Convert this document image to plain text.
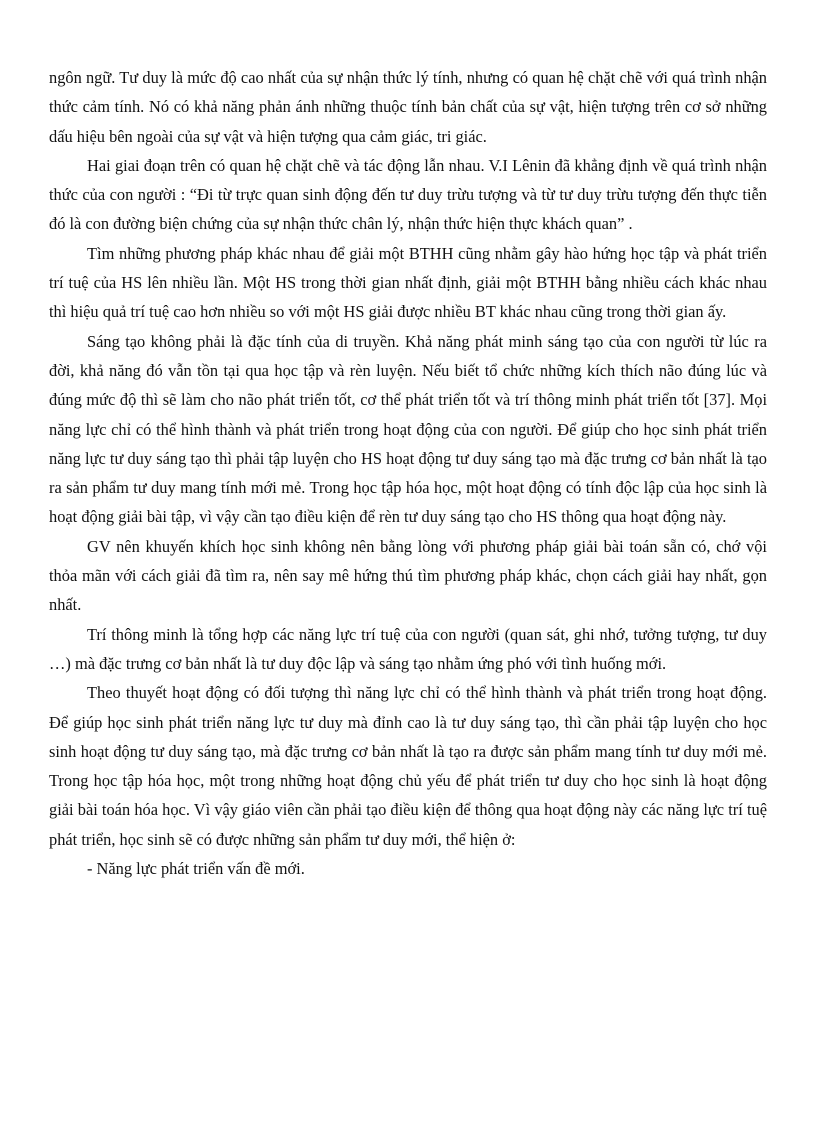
ngôn ngữ. Tư duy là mức độ cao nhất của sự nhận thức lý tính, nhưng có quan hệ chặt chẽ với quá trình nhận thức cảm tính. Nó có khả năng phản ánh những thuộc tính bản chất của sự vật, hiện tượng trên cơ sở những dấu hiệu bên ngoài của sự vật và hiện tượng qua cảm giác, tri giác.

Hai giai đoạn trên có quan hệ chặt chẽ và tác động lẫn nhau. V.I Lênin đã khẳng định về quá trình nhận thức của con người : “Đi từ trực quan sinh động đến tư duy trừu tượng và từ tư duy trừu tượng đến thực tiễn đó là con đường biện chứng của sự nhận thức chân lý, nhận thức hiện thực khách quan” .

Tìm những phương pháp khác nhau để giải một BTHH cũng nhằm gây hào hứng học tập và phát triển trí tuệ của HS lên nhiều lần. Một HS trong thời gian nhất định, giải một BTHH bằng nhiều cách khác nhau thì hiệu quả trí tuệ cao hơn nhiều so với một HS giải được nhiều BT khác nhau cũng trong thời gian ấy.

Sáng tạo không phải là đặc tính của di truyền. Khả năng phát minh sáng tạo của con người từ lúc ra đời, khả năng đó vẫn tồn tại qua học tập và rèn luyện. Nếu biết tổ chức những kích thích não đúng lúc và đúng mức độ thì sẽ làm cho não phát triển tốt, cơ thể phát triển tốt và trí thông minh phát triển tốt [37]. Mọi năng lực chỉ có thể hình thành và phát triển trong hoạt động của con người. Để giúp cho học sinh phát triển năng lực tư duy sáng tạo thì phải tập luyện cho HS hoạt động tư duy sáng tạo mà đặc trưng cơ bản nhất là tạo ra sản phẩm tư duy mang tính mới mẻ. Trong học tập hóa học, một hoạt động có tính độc lập của học sinh là hoạt động giải bài tập, vì vậy cần tạo điều kiện để rèn tư duy sáng tạo cho HS thông qua hoạt động này.

GV nên khuyến khích học sinh không nên bằng lòng với phương pháp giải bài toán sẵn có, chớ vội thỏa mãn với cách giải đã tìm ra, nên say mê hứng thú tìm phương pháp khác, chọn cách giải hay nhất, gọn nhất.

Trí thông minh là tổng hợp các năng lực trí tuệ của con người (quan sát, ghi nhớ, tưởng tượng, tư duy …) mà đặc trưng cơ bản nhất là tư duy độc lập và sáng tạo nhằm ứng phó với tình huống mới.

Theo thuyết hoạt động có đối tượng thì năng lực chỉ có thể hình thành và phát triển trong hoạt động. Để giúp học sinh phát triển năng lực tư duy mà đỉnh cao là tư duy sáng tạo, thì cần phải tập luyện cho học sinh hoạt động tư duy sáng tạo, mà đặc trưng cơ bản nhất là tạo ra được sản phẩm mang tính tư duy mới mẻ. Trong học tập hóa học, một trong những hoạt động chủ yếu để phát triển tư duy cho học sinh là hoạt động giải bài toán hóa học. Vì vậy giáo viên cần phải tạo điều kiện để thông qua hoạt động này các năng lực trí tuệ phát triển, học sinh sẽ có được những sản phẩm tư duy mới, thể hiện ở:

- Năng lực phát triển vấn đề mới.
